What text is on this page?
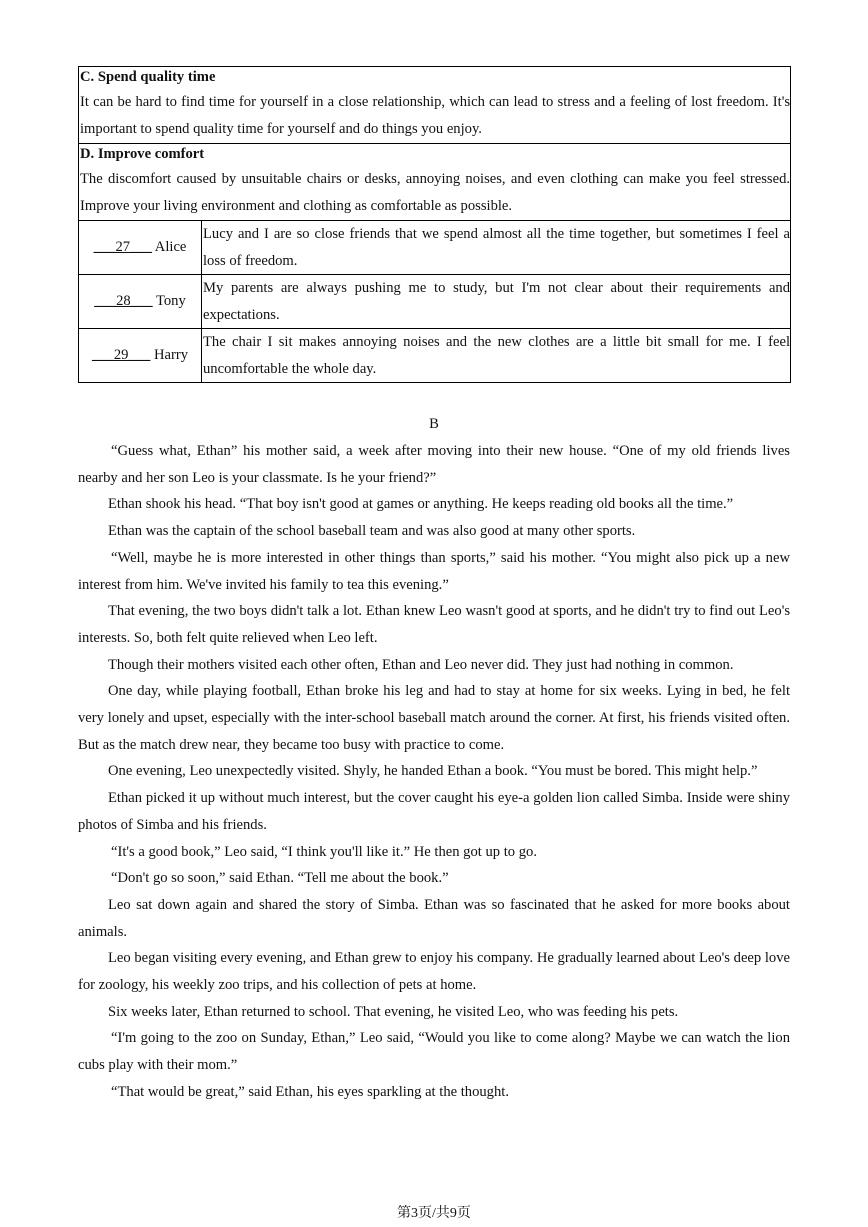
C. Spend quality time
It can be hard to find time for yourself in a close relationship, which can lead to stress and a feeling of lost freedom. It's important to spend quality time for yourself and do things you enjoy.	

D. Improve comfort
The discomfort caused by unsuitable chairs or desks, annoying noises, and even clothing can make you feel stressed. Improve your living environment and clothing as comfortable as possible.	

___27___ Alice	Lucy and I are so close friends that we spend almost all the time together, but sometimes I feel a loss of freedom.
___28___ Tony	My parents are always pushing me to study, but I'm not clear about their requirements and expectations.
___29___ Harry	The chair I sit makes annoying noises and the new clothes are a little bit small for me. I feel uncomfortable the whole day.
B

“Guess what, Ethan” his mother said, a week after moving into their new house. “One of my old friends lives nearby and her son Leo is your classmate. Is he your friend?”

Ethan shook his head. “That boy isn't good at games or anything. He keeps reading old books all the time.”

Ethan was the captain of the school baseball team and was also good at many other sports.

“Well, maybe he is more interested in other things than sports,” said his mother. “You might also pick up a new interest from him. We've invited his family to tea this evening.”

That evening, the two boys didn't talk a lot. Ethan knew Leo wasn't good at sports, and he didn't try to find out Leo's interests. So, both felt quite relieved when Leo left.

Though their mothers visited each other often, Ethan and Leo never did. They just had nothing in common.

One day, while playing football, Ethan broke his leg and had to stay at home for six weeks. Lying in bed, he felt very lonely and upset, especially with the inter-school baseball match around the corner. At first, his friends visited often. But as the match drew near, they became too busy with practice to come.

One evening, Leo unexpectedly visited. Shyly, he handed Ethan a book. “You must be bored. This might help.”

Ethan picked it up without much interest, but the cover caught his eye-a golden lion called Simba. Inside were shiny photos of Simba and his friends.

“It's a good book,” Leo said, “I think you'll like it.” He then got up to go.

“Don't go so soon,” said Ethan. “Tell me about the book.”

Leo sat down again and shared the story of Simba. Ethan was so fascinated that he asked for more books about animals.

Leo began visiting every evening, and Ethan grew to enjoy his company. He gradually learned about Leo's deep love for zoology, his weekly zoo trips, and his collection of pets at home.

Six weeks later, Ethan returned to school. That evening, he visited Leo, who was feeding his pets.

“I'm going to the zoo on Sunday, Ethan,” Leo said, “Would you like to come along? Maybe we can watch the lion cubs play with their mom.”

“That would be great,” said Ethan, his eyes sparkling at the thought.

第3页/共9页
